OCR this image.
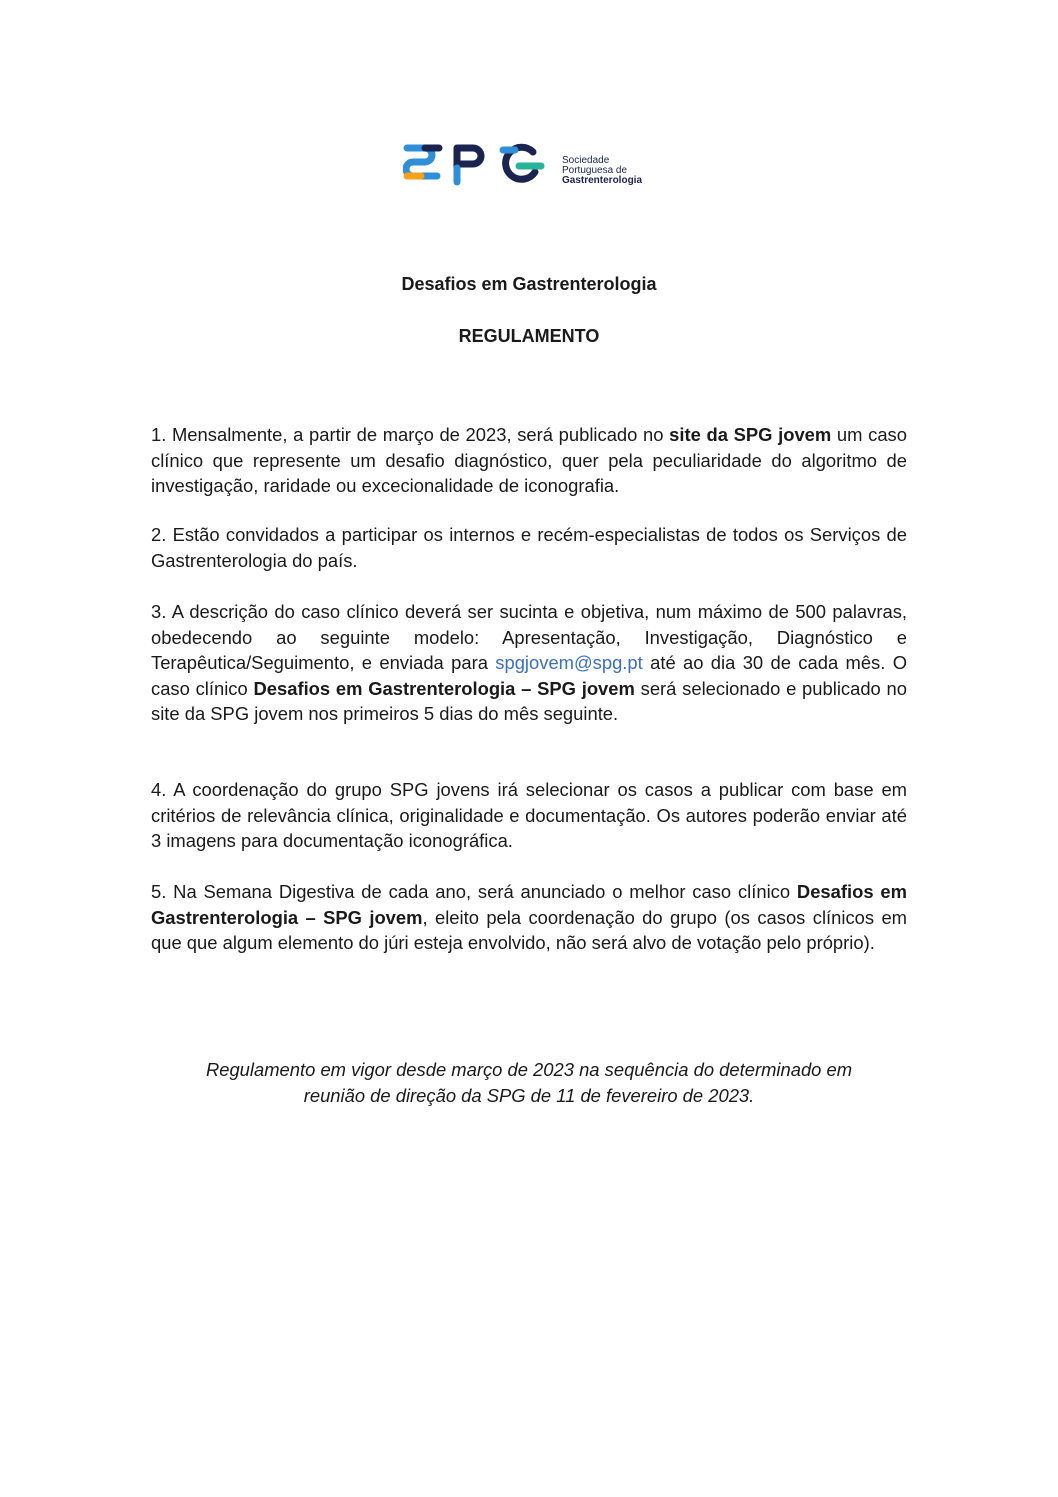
Sociedade
Portuguesa de
Gastrenterologia
Desafios em Gastrenterologia
REGULAMENTO
1. Mensalmente, a partir de março de 2023, será publicado no site da SPG jovem um caso clínico que represente um desafio diagnóstico, quer pela peculiaridade do algoritmo de investigação, raridade ou excecionalidade de iconografia.
2. Estão convidados a participar os internos e recém-especialistas de todos os Serviços de Gastrenterologia do país.
3. A descrição do caso clínico deverá ser sucinta e objetiva, num máximo de 500 palavras, obedecendo ao seguinte modelo: Apresentação, Investigação, Diagnóstico e Terapêutica/Seguimento, e enviada para spgjovem@spg.pt até ao dia 30 de cada mês. O caso clínico Desafios em Gastrenterologia – SPG jovem será selecionado e publicado no site da SPG jovem nos primeiros 5 dias do mês seguinte.
4. A coordenação do grupo SPG jovens irá selecionar os casos a publicar com base em critérios de relevância clínica, originalidade e documentação. Os autores poderão enviar até 3 imagens para documentação iconográfica.
5. Na Semana Digestiva de cada ano, será anunciado o melhor caso clínico Desafios em Gastrenterologia – SPG jovem, eleito pela coordenação do grupo (os casos clínicos em que que algum elemento do júri esteja envolvido, não será alvo de votação pelo próprio).
Regulamento em vigor desde março de 2023 na sequência do determinado em
reunião de direção da SPG de 11 de fevereiro de 2023.
